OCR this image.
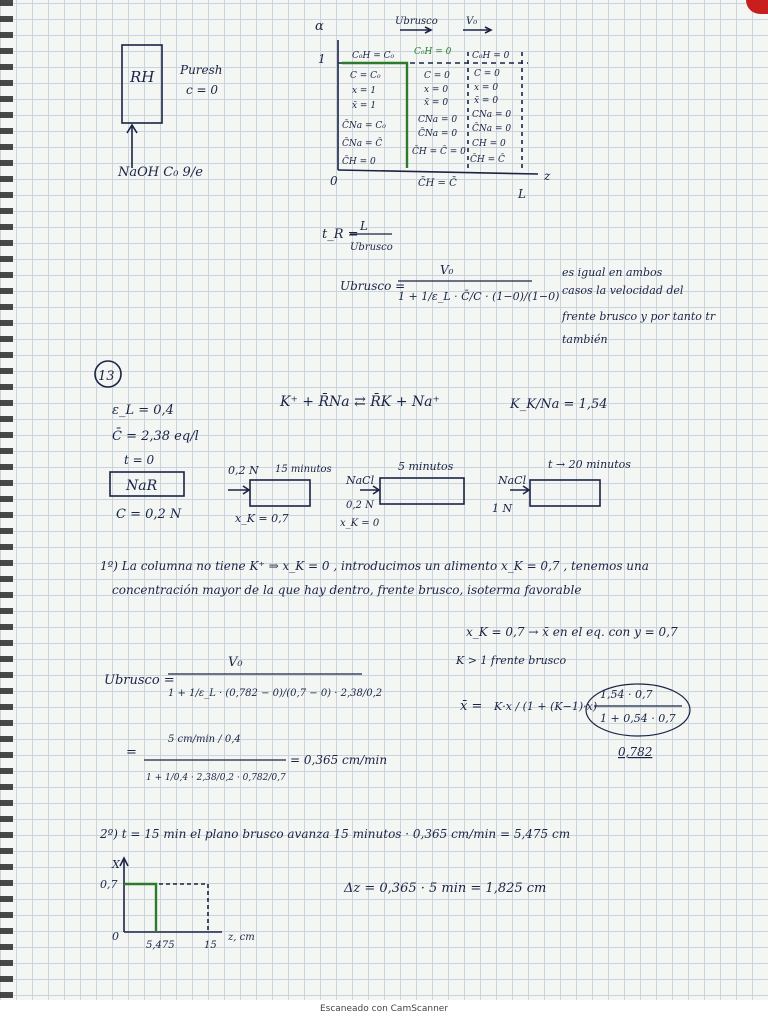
RH Puresh
c = 0
NaOH C₀ 9/e
α
1
0	z
L
Ubrusco	V₀
C₀H = C₀
C = C₀
x = 1
x̄ = 1
C̄Na = C₀
C̄Na = C̄
C̄H = 0
C₀H = 0
C = 0
x = 0
x̄ = 0
CNa = 0
C̄Na = 0
C̄H = C̄ = 0
C₀H = 0
C = 0
x = 0
x̄ = 0
CNa = 0
C̄Na = 0
CH = 0
C̄H = C̄
C̄H = C̄
t_R =
L
Ubrusco
Ubrusco =
V₀
1 + 1/ε_L · C̄/C · (1−0)/(1−0)
es igual en ambos
casos la velocidad del
frente brusco y por tanto tr
también
13
ε_L = 0,4
C̄ = 2,38 eq/l
t = 0
NaR
C = 0,2 N
K⁺ + R̄Na ⇄ R̄K + Na⁺	K_K/Na = 1,54
0,2 N 15 minutos
x_K = 0,7
NaCl
0,2 N
5 minutos
x_K = 0
NaCl
1 N
t → 20 minutos
1º) La columna no tiene K⁺ ⇒ x_K = 0 , introducimos un alimento x_K = 0,7 , tenemos una
concentración mayor de la que hay dentro, frente brusco, isoterma favorable
x_K = 0,7 → x̄ en el eq. con y = 0,7
K > 1 frente brusco
Ubrusco =
V₀
1 + 1/ε_L · (0,782 − 0)/(0,7 − 0) · 2,38/0,2
x̄ = K·x / (1 + (K−1)·x)
1,54 · 0,7
1 + 0,54 · 0,7
0,782
=
5 cm/min / 0,4
1 + 1/0,4 · 2,38/0,2 · 0,782/0,7
= 0,365 cm/min
2º) t = 15 min el plano brusco avanza 15 minutos · 0,365 cm/min = 5,475 cm
Δz = 0,365 · 5 min = 1,825 cm
X
0,7
0
5,475	15
z, cm
Escaneado con CamScanner
